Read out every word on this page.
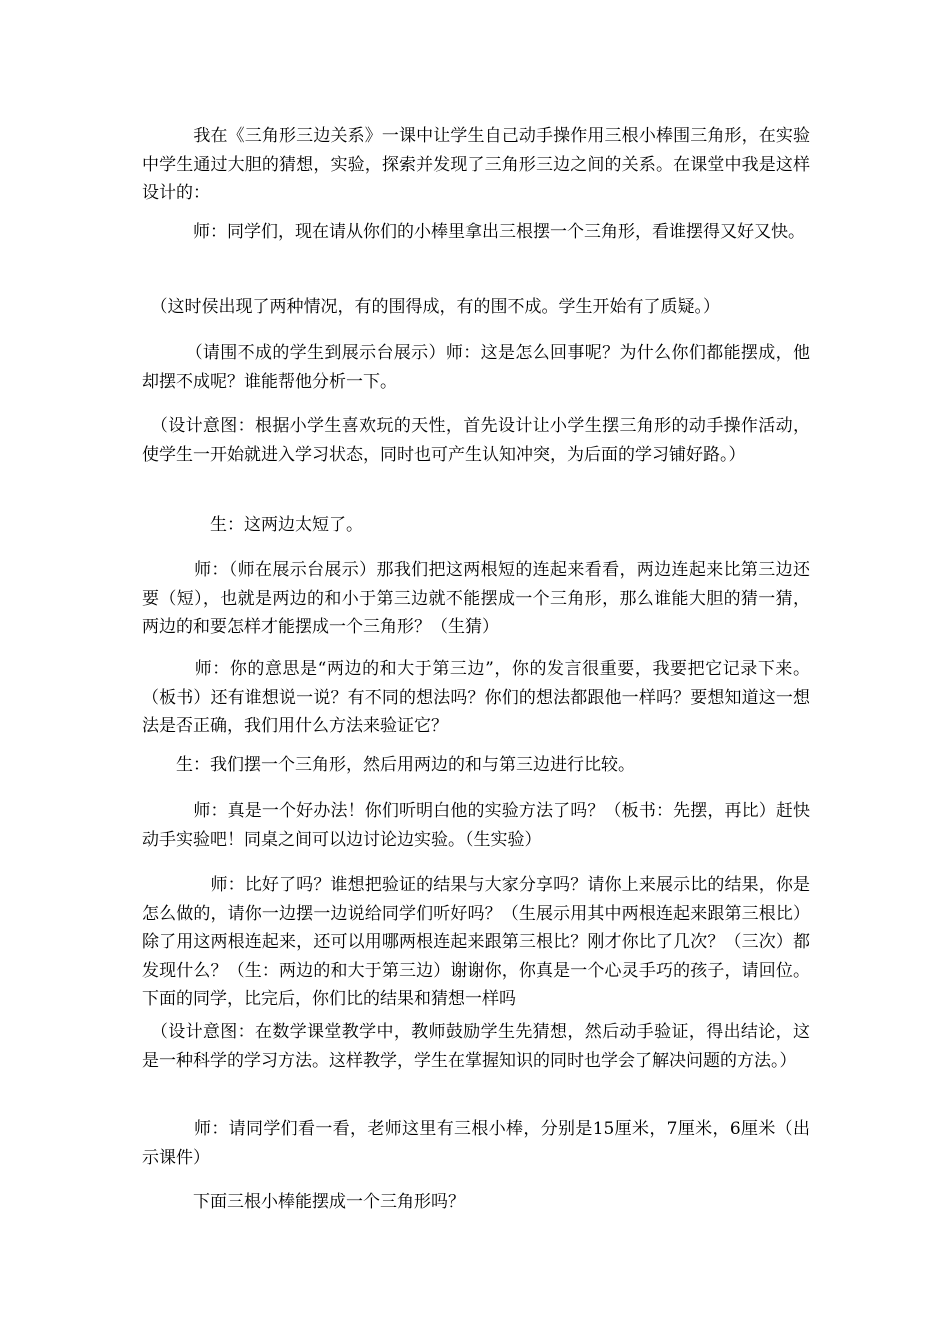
　　　我在《三角形三边关系》一课中让学生自己动手操作用三根小棒围三角形，在实验中学生通过大胆的猜想，实验，探索并发现了三角形三边之间的关系。在课堂中我是这样设计的：

　　　师：同学们，现在请从你们的小棒里拿出三根摆一个三角形，看谁摆得又好又快。

　（这时侯出现了两种情况，有的围得成，有的围不成。学生开始有了质疑。）

　　　（请围不成的学生到展示台展示）师：这是怎么回事呢？为什么你们都能摆成，他却摆不成呢？谁能帮他分析一下。

　（设计意图：根据小学生喜欢玩的天性，首先设计让小学生摆三角形的动手操作活动，使学生一开始就进入学习状态，同时也可产生认知冲突，为后面的学习铺好路。）

　　　　生：这两边太短了。

　　　师：（师在展示台展示）那我们把这两根短的连起来看看，两边连起来比第三边还要（短），也就是两边的和小于第三边就不能摆成一个三角形，那么谁能大胆的猜一猜，两边的和要怎样才能摆成一个三角形？（生猜）

　　　师：你的意思是“两边的和大于第三边”，你的发言很重要，我要把它记录下来。（板书）还有谁想说一说？有不同的想法吗？你们的想法都跟他一样吗？要想知道这一想法是否正确，我们用什么方法来验证它？

　　生：我们摆一个三角形，然后用两边的和与第三边进行比较。

　　　师：真是一个好办法！你们听明白他的实验方法了吗？（板书：先摆，再比）赶快动手实验吧！同桌之间可以边讨论边实验。（生实验）

　　　　师：比好了吗？谁想把验证的结果与大家分享吗？请你上来展示比的结果，你是怎么做的，请你一边摆一边说给同学们听好吗？（生展示用其中两根连起来跟第三根比）除了用这两根连起来，还可以用哪两根连起来跟第三根比？刚才你比了几次？（三次）都发现什么？（生：两边的和大于第三边）谢谢你，你真是一个心灵手巧的孩子，请回位。下面的同学，比完后，你们比的结果和猜想一样吗

　（设计意图：在数学课堂教学中，教师鼓励学生先猜想，然后动手验证，得出结论，这是一种科学的学习方法。这样教学，学生在掌握知识的同时也学会了解决问题的方法。）

　　　师：请同学们看一看，老师这里有三根小棒，分别是15厘米，7厘米，6厘米（出示课件）

　　　下面三根小棒能摆成一个三角形吗？
